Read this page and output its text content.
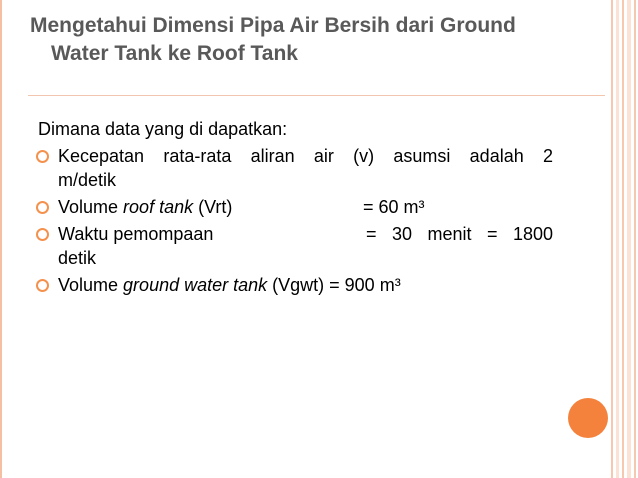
Mengetahui Dimensi Pipa Air Bersih dari Ground
Water Tank ke Roof Tank

Dimana data yang di dapatkan:

Kecepatan rata-rata aliran air (v) asumsi adalah 2
m/detik
Volume roof tank (Vrt)	= 60 m³
Waktu pemompaan	= 30 menit = 1800
detik
Volume ground water tank (Vgwt) = 900 m³
